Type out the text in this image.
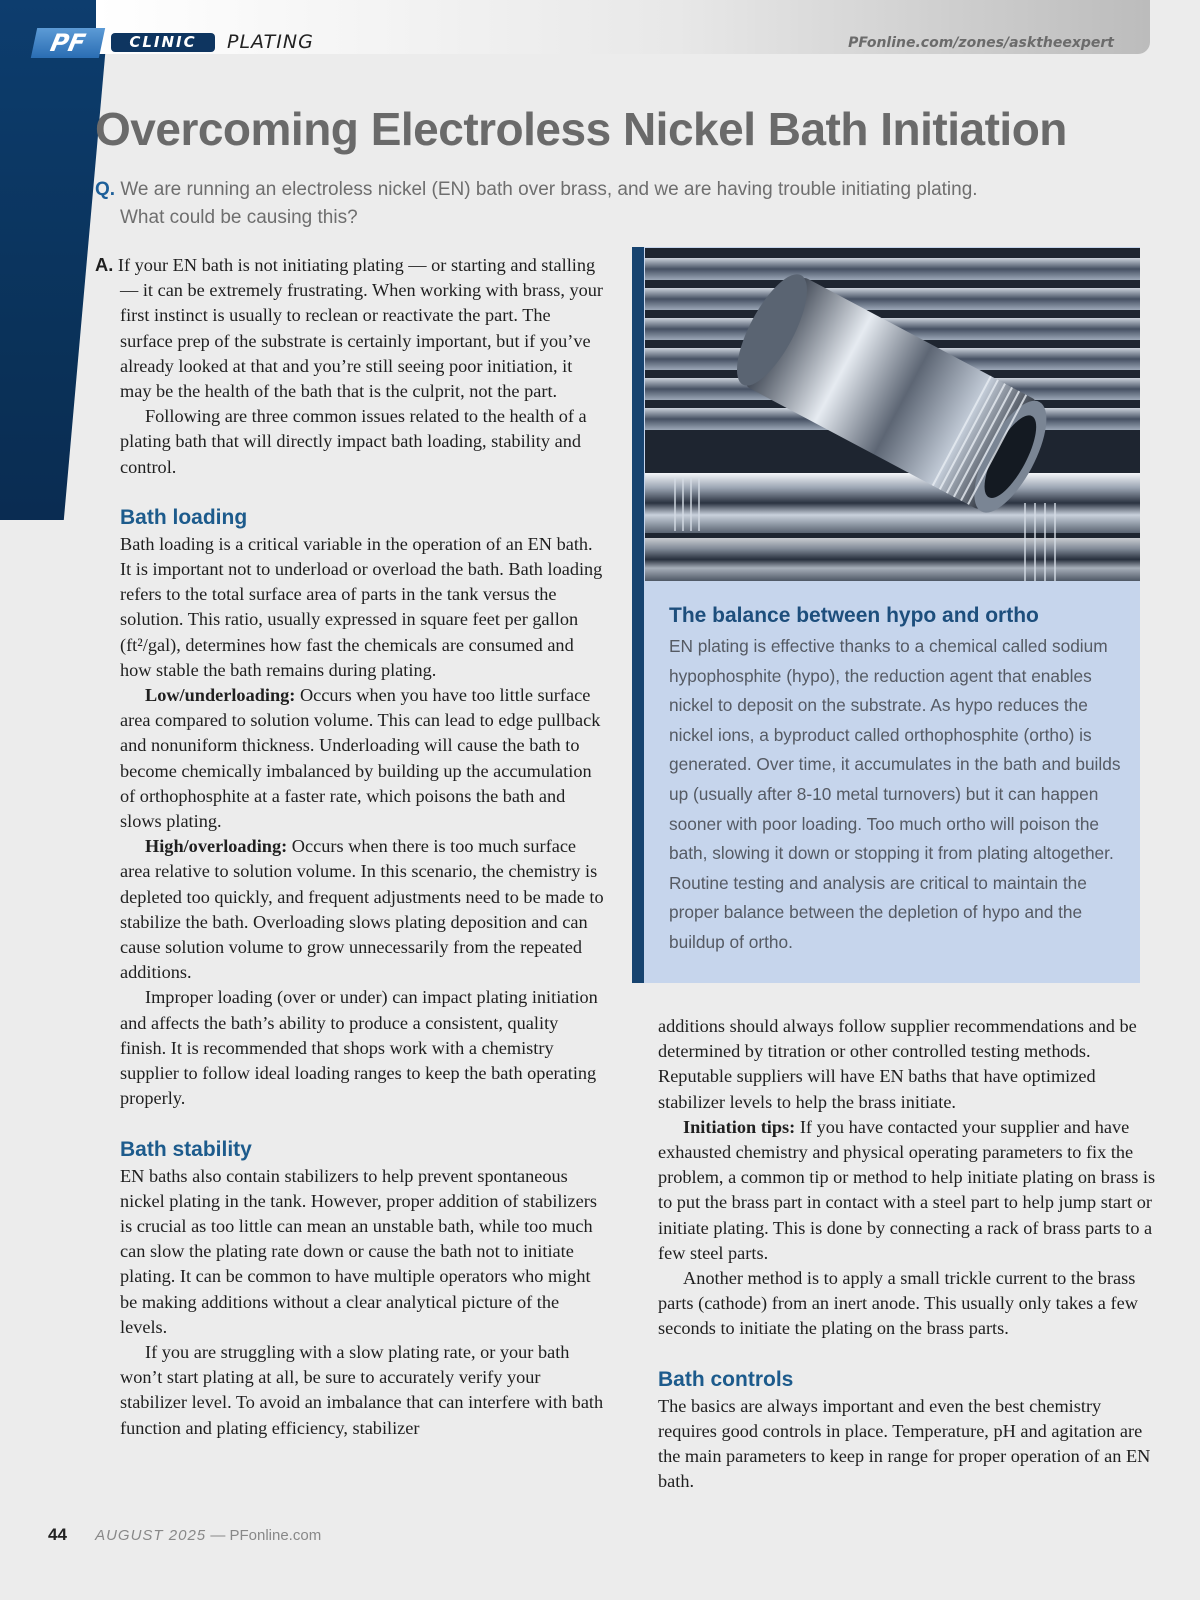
PF	CLINIC	PLATING	PFonline.com/zones/asktheexpert
Overcoming Electroless Nickel Bath Initiation
Q. We are running an electroless nickel (EN) bath over brass, and we are having trouble initiating plating.
What could be causing this?

A. If your EN bath is not initiating plating — or starting and stalling — it can be extremely frustrating. When working with brass, your first instinct is usually to reclean or reactivate the part. The surface prep of the substrate is certainly important, but if you’ve already looked at that and you’re still seeing poor initiation, it may be the health of the bath that is the culprit, not the part.

Following are three common issues related to the health of a plating bath that will directly impact bath loading, stability and control.

Bath loading

Bath loading is a critical variable in the operation of an EN bath. It is important not to underload or overload the bath. Bath loading refers to the total surface area of parts in the tank versus the solution. This ratio, usually expressed in square feet per gallon (ft²/gal), determines how fast the chemicals are consumed and how stable the bath remains during plating.

Low/underloading: Occurs when you have too little surface area compared to solution volume. This can lead to edge pullback and nonuniform thickness. Underloading will cause the bath to become chemically imbalanced by building up the accumulation of orthophosphite at a faster rate, which poisons the bath and slows plating.

High/overloading: Occurs when there is too much surface area relative to solution volume. In this scenario, the chemistry is depleted too quickly, and frequent adjustments need to be made to stabilize the bath. Overloading slows plating deposition and can cause solution volume to grow unnecessarily from the repeated additions.

Improper loading (over or under) can impact plating initiation and affects the bath’s ability to produce a consistent, quality finish. It is recommended that shops work with a chemistry supplier to follow ideal loading ranges to keep the bath operating properly.

Bath stability

EN baths also contain stabilizers to help prevent spontaneous nickel plating in the tank. However, proper addition of stabilizers is crucial as too little can mean an unstable bath, while too much can slow the plating rate down or cause the bath not to initiate plating. It can be common to have multiple operators who might be making additions without a clear analytical picture of the levels.

If you are struggling with a slow plating rate, or your bath won’t start plating at all, be sure to accurately verify your stabilizer level. To avoid an imbalance that can interfere with bath function and plating efficiency, stabilizer

The balance between hypo and ortho

EN plating is effective thanks to a chemical called sodium hypophosphite (hypo), the reduction agent that enables nickel to deposit on the substrate. As hypo reduces the nickel ions, a byproduct called orthophosphite (ortho) is generated. Over time, it accumulates in the bath and builds up (usually after 8-10 metal turnovers) but it can happen sooner with poor loading. Too much ortho will poison the bath, slowing it down or stopping it from plating altogether. Routine testing and analysis are critical to maintain the proper balance between the depletion of hypo and the buildup of ortho.

additions should always follow supplier recommendations and be determined by titration or other controlled testing methods. Reputable suppliers will have EN baths that have optimized stabilizer levels to help the brass initiate.

Initiation tips: If you have contacted your supplier and have exhausted chemistry and physical operating parameters to fix the problem, a common tip or method to help initiate plating on brass is to put the brass part in contact with a steel part to help jump start or initiate plating. This is done by connecting a rack of brass parts to a few steel parts.

Another method is to apply a small trickle current to the brass parts (cathode) from an inert anode. This usually only takes a few seconds to initiate the plating on the brass parts.

Bath controls

The basics are always important and even the best chemistry requires good controls in place. Temperature, pH and agitation are the main parameters to keep in range for proper operation of an EN bath.

44 AUGUST 2025 — PFonline.com
